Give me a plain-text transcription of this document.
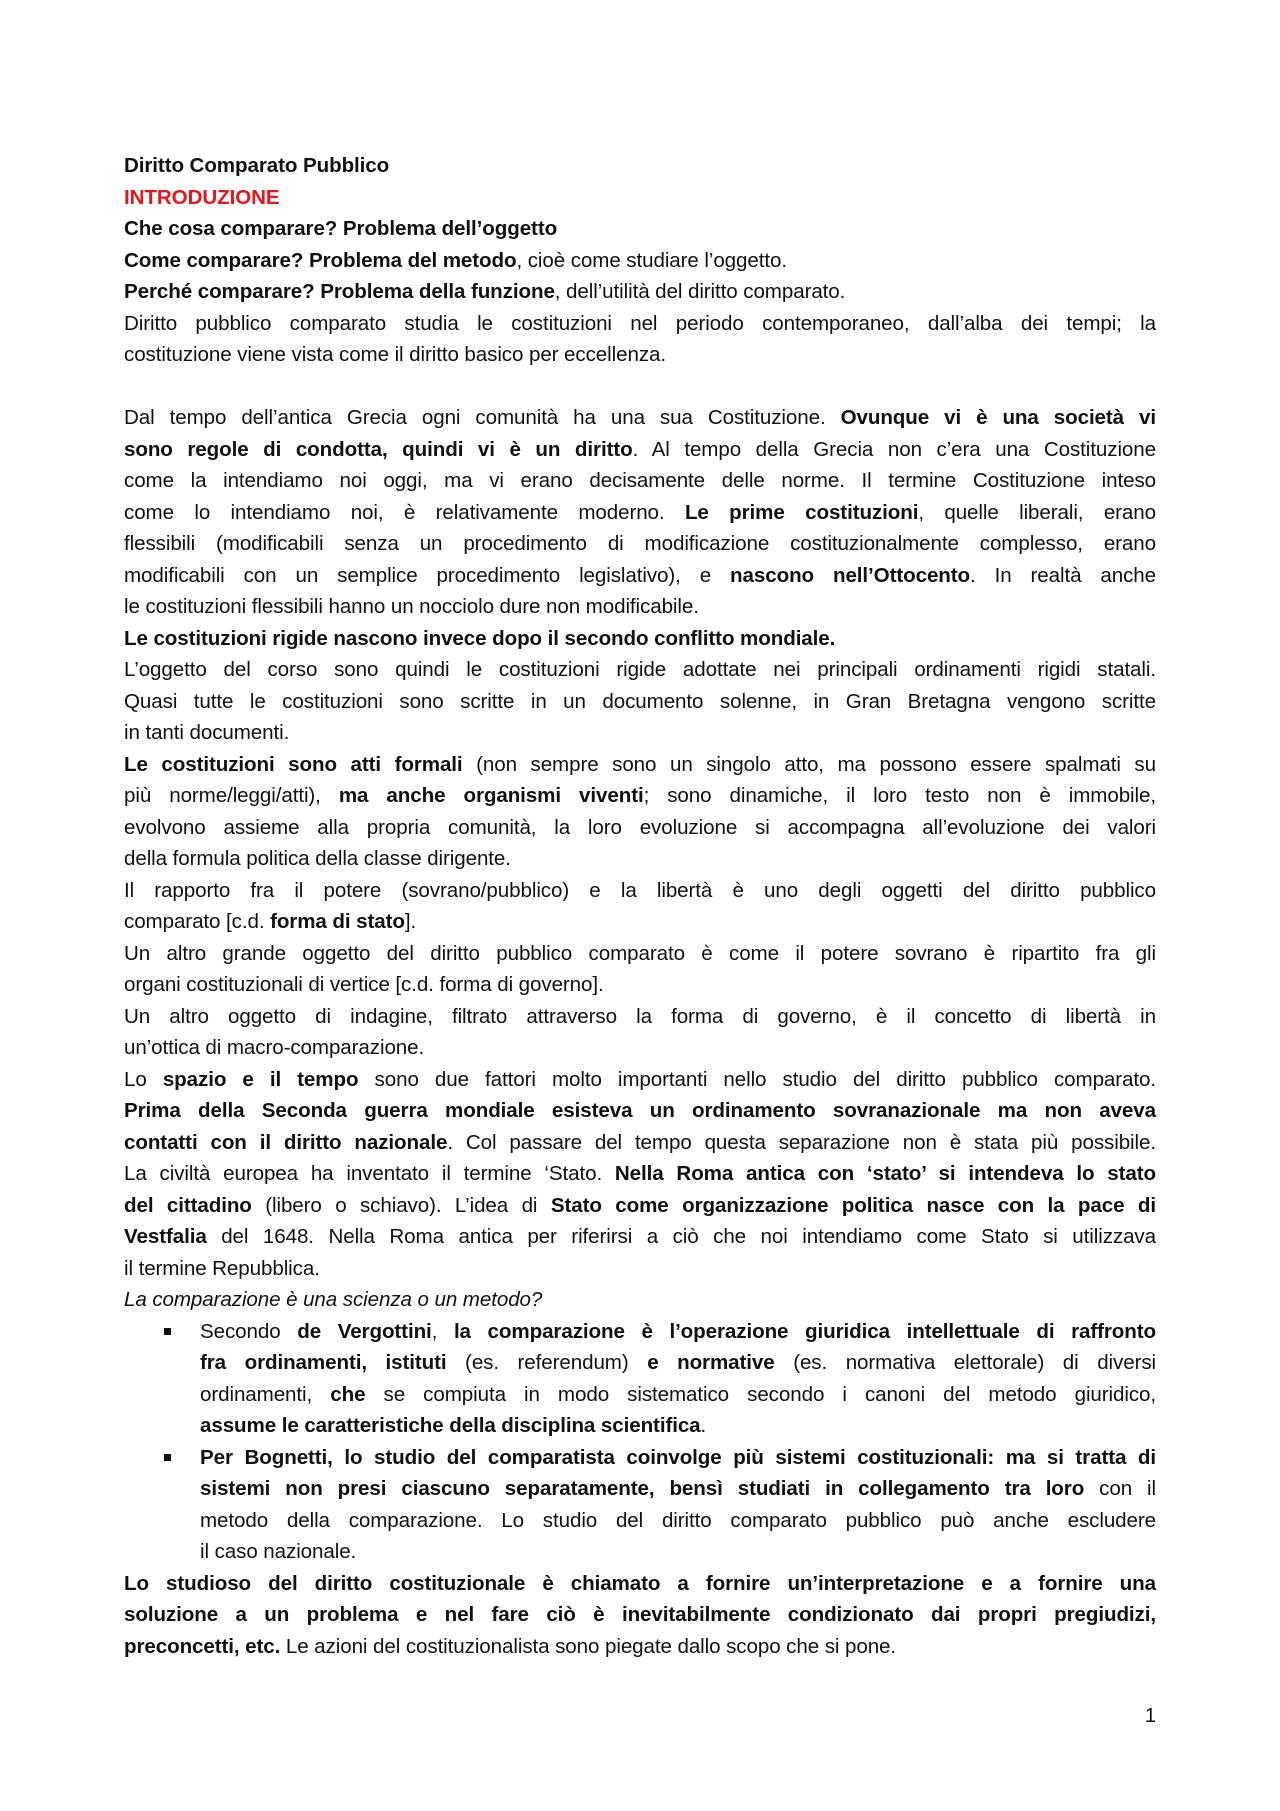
Diritto Comparato Pubblico
INTRODUZIONE
Che cosa comparare? Problema dell’oggetto
Come comparare? Problema del metodo, cioè come studiare l’oggetto.
Perché comparare? Problema della funzione, dell’utilità del diritto comparato.
Diritto pubblico comparato studia le costituzioni nel periodo contemporaneo, dall’alba dei tempi; la
costituzione viene vista come il diritto basico per eccellenza.
Dal tempo dell’antica Grecia ogni comunità ha una sua Costituzione. Ovunque vi è una società vi
sono regole di condotta, quindi vi è un diritto. Al tempo della Grecia non c’era una Costituzione
come la intendiamo noi oggi, ma vi erano decisamente delle norme. Il termine Costituzione inteso
come lo intendiamo noi, è relativamente moderno. Le prime costituzioni, quelle liberali, erano
flessibili (modificabili senza un procedimento di modificazione costituzionalmente complesso, erano
modificabili con un semplice procedimento legislativo), e nascono nell’Ottocento. In realtà anche
le costituzioni flessibili hanno un nocciolo dure non modificabile.
Le costituzioni rigide nascono invece dopo il secondo conflitto mondiale.
L’oggetto del corso sono quindi le costituzioni rigide adottate nei principali ordinamenti rigidi statali.
Quasi tutte le costituzioni sono scritte in un documento solenne, in Gran Bretagna vengono scritte
in tanti documenti.
Le costituzioni sono atti formali (non sempre sono un singolo atto, ma possono essere spalmati su
più norme/leggi/atti), ma anche organismi viventi; sono dinamiche, il loro testo non è immobile,
evolvono assieme alla propria comunità, la loro evoluzione si accompagna all’evoluzione dei valori
della formula politica della classe dirigente.
Il rapporto fra il potere (sovrano/pubblico) e la libertà è uno degli oggetti del diritto pubblico
comparato [c.d. forma di stato].
Un altro grande oggetto del diritto pubblico comparato è come il potere sovrano è ripartito fra gli
organi costituzionali di vertice [c.d. forma di governo].
Un altro oggetto di indagine, filtrato attraverso la forma di governo, è il concetto di libertà in
un’ottica di macro-comparazione.
Lo spazio e il tempo sono due fattori molto importanti nello studio del diritto pubblico comparato.
Prima della Seconda guerra mondiale esisteva un ordinamento sovranazionale ma non aveva
contatti con il diritto nazionale. Col passare del tempo questa separazione non è stata più possibile.
La civiltà europea ha inventato il termine ‘Stato. Nella Roma antica con ‘stato’ si intendeva lo stato
del cittadino (libero o schiavo). L’idea di Stato come organizzazione politica nasce con la pace di
Vestfalia del 1648. Nella Roma antica per riferirsi a ciò che noi intendiamo come Stato si utilizzava
il termine Repubblica.
La comparazione è una scienza o un metodo?
Secondo de Vergottini, la comparazione è l’operazione giuridica intellettuale di raffronto
fra ordinamenti, istituti (es. referendum) e normative (es. normativa elettorale) di diversi
ordinamenti, che se compiuta in modo sistematico secondo i canoni del metodo giuridico,
assume le caratteristiche della disciplina scientifica.
Per Bognetti, lo studio del comparatista coinvolge più sistemi costituzionali: ma si tratta di
sistemi non presi ciascuno separatamente, bensì studiati in collegamento tra loro con il
metodo della comparazione. Lo studio del diritto comparato pubblico può anche escludere
il caso nazionale.
Lo studioso del diritto costituzionale è chiamato a fornire un’interpretazione e a fornire una
soluzione a un problema e nel fare ciò è inevitabilmente condizionato dai propri pregiudizi,
preconcetti, etc. Le azioni del costituzionalista sono piegate dallo scopo che si pone.
1
